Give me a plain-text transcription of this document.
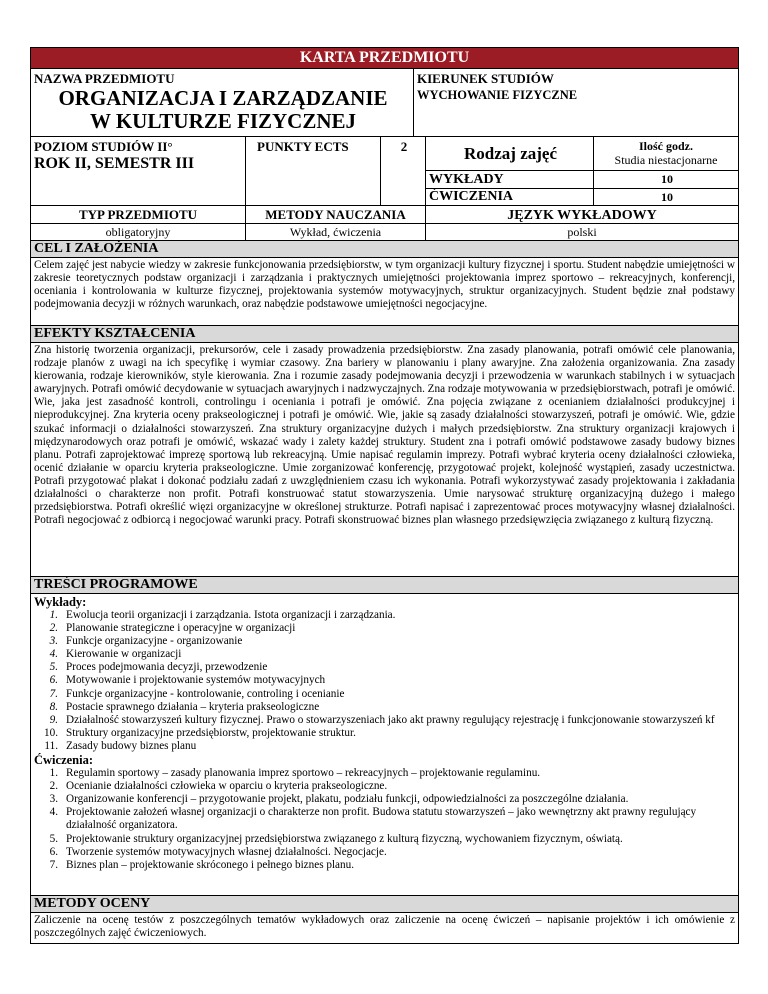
KARTA PRZEDMIOTU
NAZWA PRZEDMIOTU
ORGANIZACJA I ZARZĄDZANIE
W KULTURZE FIZYCZNEJ
KIERUNEK STUDIÓW
WYCHOWANIE FIZYCZNE
POZIOM STUDIÓW II°
ROK II, SEMESTR III
PUNKTY ECTS	2	Rodzaj zajęć	Ilość godz.
Studia niestacjonarne
WYKŁADY	10
ĆWICZENIA	10
TYP PRZEDMIOTU	METODY NAUCZANIA	JĘZYK WYKŁADOWY
obligatoryjny	Wykład, ćwiczenia	polski
CEL I ZAŁOŻENIA
Celem zajęć jest nabycie wiedzy w zakresie funkcjonowania przedsiębiorstw, w tym organizacji kultury fizycznej i sportu. Student nabędzie umiejętności w zakresie teoretycznych podstaw organizacji i zarządzania i praktycznych umiejętności projektowania imprez sportowo – rekreacyjnych, konferencji, oceniania i kontrolowania w kulturze fizycznej, projektowania systemów motywacyjnych, struktur organizacyjnych. Student będzie znał podstawy podejmowania decyzji w różnych warunkach, oraz nabędzie podstawowe umiejętności negocjacyjne.
EFEKTY KSZTAŁCENIA
Zna historię tworzenia organizacji, prekursorów, cele i zasady prowadzenia przedsiębiorstw. Zna zasady planowania, potrafi omówić cele planowania, rodzaje planów z uwagi na ich specyfikę i wymiar czasowy. Zna bariery w planowaniu i plany awaryjne. Zna założenia organizowania. Zna zasady kierowania, rodzaje kierowników, style kierowania. Zna i rozumie zasady podejmowania decyzji i przewodzenia w warunkach stabilnych i w sytuacjach awaryjnych. Potrafi omówić decydowanie w sytuacjach awaryjnych i nadzwyczajnych. Zna rodzaje motywowania w przedsiębiorstwach, potrafi je omówić. Wie, jaka jest zasadność kontroli, controlingu i oceniania i potrafi je omówić. Zna pojęcia związane z ocenianiem działalności produkcyjnej i nieprodukcyjnej. Zna kryteria oceny prakseologicznej i potrafi je omówić. Wie, jakie są zasady działalności stowarzyszeń, potrafi je omówić. Wie, gdzie szukać informacji o działalności stowarzyszeń. Zna struktury organizacyjne dużych i małych przedsiębiorstw. Zna struktury organizacji krajowych i międzynarodowych oraz potrafi je omówić, wskazać wady i zalety każdej struktury. Student zna i potrafi omówić podstawowe zasady budowy biznes planu. Potrafi zaprojektować imprezę sportową lub rekreacyjną. Umie napisać regulamin imprezy. Potrafi wybrać kryteria oceny działalności człowieka, ocenić działanie w oparciu kryteria prakseologiczne. Umie zorganizować konferencję, przygotować projekt, kolejność wystąpień, zasady uczestnictwa. Potrafi przygotować plakat i dokonać podziału zadań z uwzględnieniem czasu ich wykonania. Potrafi wykorzystywać zasady projektowania i zakładania działalności o charakterze non profit. Potrafi konstruować statut stowarzyszenia. Umie narysować strukturę organizacyjną dużego i małego przedsiębiorstwa. Potrafi określić więzi organizacyjne w określonej strukturze. Potrafi napisać i zaprezentować proces motywacyjny własnej działalności. Potrafi negocjować z odbiorcą i negocjować warunki pracy. Potrafi skonstruować biznes plan własnego przedsięwzięcia związanego z kulturą fizyczną.
TREŚCI PROGRAMOWE
Wykłady:
1. Ewolucja teorii organizacji i zarządzania. Istota organizacji i zarządzania.
2. Planowanie strategiczne i operacyjne w organizacji
3. Funkcje organizacyjne - organizowanie
4. Kierowanie w organizacji
5. Proces podejmowania decyzji, przewodzenie
6. Motywowanie i projektowanie systemów motywacyjnych
7. Funkcje organizacyjne - kontrolowanie, controling i ocenianie
8. Postacie sprawnego działania – kryteria prakseologiczne
9. Działalność stowarzyszeń kultury fizycznej. Prawo o stowarzyszeniach jako akt prawny regulujący rejestrację i funkcjonowanie stowarzyszeń kf
10. Struktury organizacyjne przedsiębiorstw, projektowanie struktur.
11. Zasady budowy biznes planu
Ćwiczenia:
1. Regulamin sportowy – zasady planowania imprez sportowo – rekreacyjnych – projektowanie regulaminu.
2. Ocenianie działalności człowieka w oparciu o kryteria prakseologiczne.
3. Organizowanie konferencji – przygotowanie projekt, plakatu, podziału funkcji, odpowiedzialności za poszczególne działania.
4. Projektowanie założeń własnej organizacji o charakterze non profit. Budowa statutu stowarzyszeń – jako wewnętrzny akt prawny regulujący działalność organizatora.
5. Projektowanie struktury organizacyjnej przedsiębiorstwa związanego z kulturą fizyczną, wychowaniem fizycznym, oświatą.
6. Tworzenie systemów motywacyjnych własnej działalności. Negocjacje.
7. Biznes plan – projektowanie skróconego i pełnego biznes planu.
METODY OCENY
Zaliczenie na ocenę testów z poszczególnych tematów wykładowych oraz zaliczenie na ocenę ćwiczeń – napisanie projektów i ich omówienie z poszczególnych zajęć ćwiczeniowych.
